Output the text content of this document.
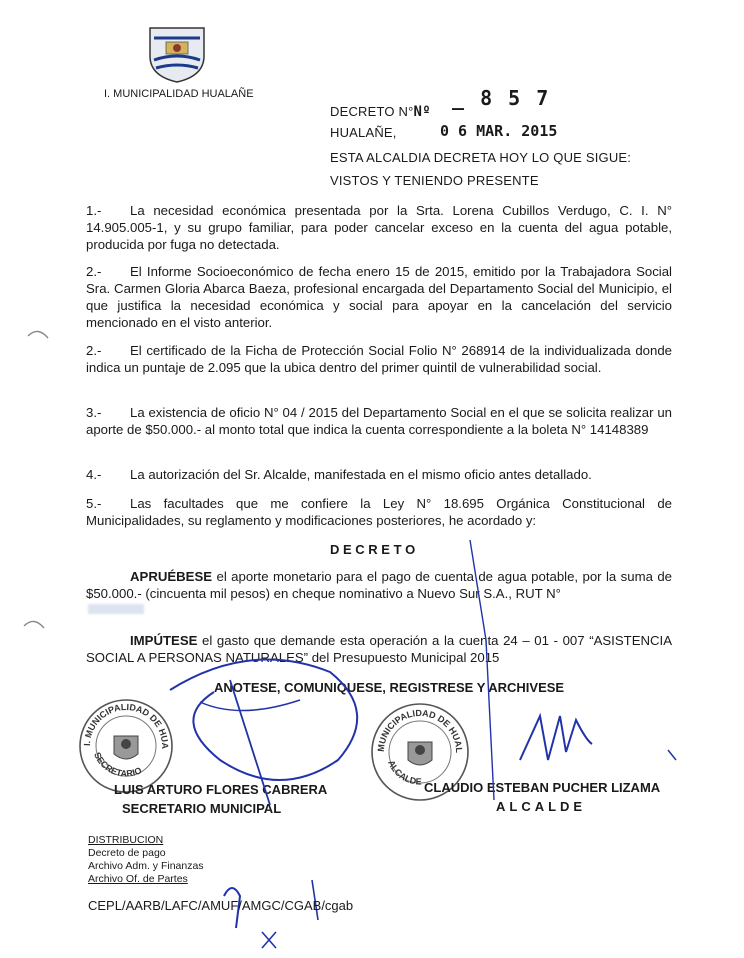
I. MUNICIPALIDAD HUALAÑE
DECRETO N°Nº
_ 8 5 7
HUALAÑE,	0 6 MAR. 2015
ESTA ALCALDIA DECRETA HOY LO QUE SIGUE:
VISTOS Y TENIENDO PRESENTE
1.- La necesidad económica presentada por la Srta. Lorena Cubillos Verdugo, C. I. N° 14.905.005-1, y su grupo familiar, para poder cancelar exceso en la cuenta del agua potable, producida por fuga no detectada.
2.- El Informe Socioeconómico de fecha enero 15 de 2015, emitido por la Trabajadora Social Sra. Carmen Gloria Abarca Baeza, profesional encargada del Departamento Social del Municipio, el que justifica la necesidad económica y social para apoyar en la cancelación del servicio mencionado en el visto anterior.
2.- El certificado de la Ficha de Protección Social Folio N° 268914 de la individualizada donde indica un puntaje de 2.095 que la ubica dentro del primer quintil de vulnerabilidad social.
3.- La existencia de oficio N° 04 / 2015 del Departamento Social en el que se solicita realizar un aporte de $50.000.- al monto total que indica la cuenta correspondiente a la boleta N° 14148389
4.- La autorización del Sr. Alcalde, manifestada en el mismo oficio antes detallado.
5.- Las facultades que me confiere la Ley N° 18.695 Orgánica Constitucional de Municipalidades, su reglamento y modificaciones posteriores, he acordado y:
D E C R E T O
APRUÉBESE el aporte monetario para el pago de cuenta de agua potable, por la suma de $50.000.- (cincuenta mil pesos) en cheque nominativo a Nuevo Sur S.A., RUT N°
IMPÚTESE el gasto que demande esta operación a la cuenta 24 – 01 - 007 “ASISTENCIA SOCIAL A PERSONAS NATURALES” del Presupuesto Municipal 2015
ANOTESE, COMUNIQUESE, REGISTRESE Y ARCHIVESE
I. MUNICIPALIDAD DE HUA
SECRETARIO
MUNICIPALIDAD DE HUAL
ALCALDE
LUIS ARTURO FLORES CABRERA
SECRETARIO MUNICIPAL
CLAUDIO ESTEBAN PUCHER LIZAMA
ALCALDE
DISTRIBUCION
Decreto de pago
Archivo Adm. y Finanzas
Archivo Of. de Partes
CEPL/AARB/LAFC/AMUF/AMGC/CGAB/cgab
